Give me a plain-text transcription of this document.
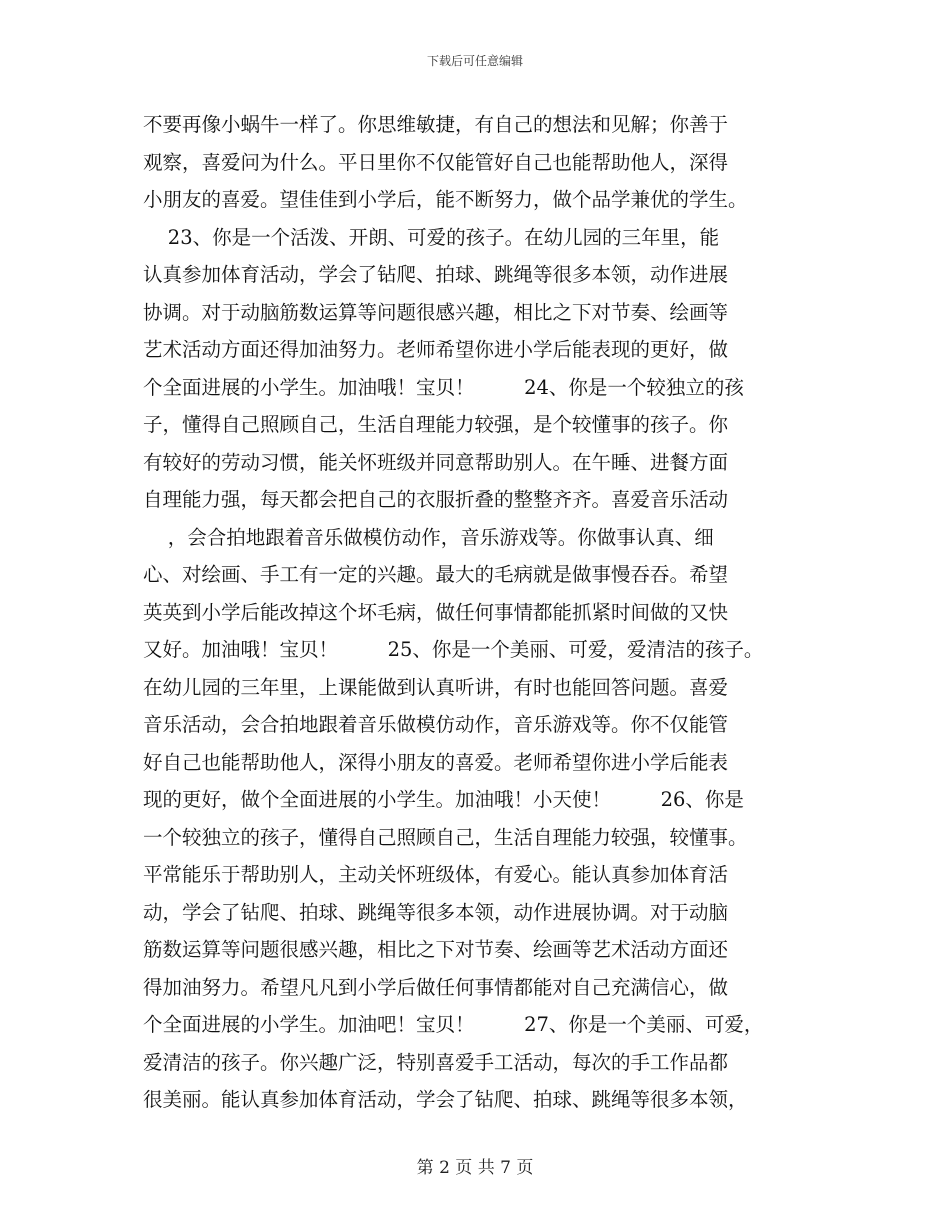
下载后可任意编辑
不要再像小蜗牛一样了。你思维敏捷，有自己的想法和见解；你善于
观察，喜爱问为什么。平日里你不仅能管好自己也能帮助他人，深得
小朋友的喜爱。望佳佳到小学后，能不断努力，做个品学兼优的学生。
23、你是一个活泼、开朗、可爱的孩子。在幼儿园的三年里，能
认真参加体育活动，学会了钻爬、拍球、跳绳等很多本领，动作进展
协调。对于动脑筋数运算等问题很感兴趣，相比之下对节奏、绘画等
艺术活动方面还得加油努力。老师希望你进小学后能表现的更好，做
个全面进展的小学生。加油哦！宝贝！        24、你是一个较独立的孩
子，懂得自己照顾自己，生活自理能力较强，是个较懂事的孩子。你
有较好的劳动习惯，能关怀班级并同意帮助别人。在午睡、进餐方面
自理能力强，每天都会把自己的衣服折叠的整整齐齐。喜爱音乐活动
，会合拍地跟着音乐做模仿动作，音乐游戏等。你做事认真、细
心、对绘画、手工有一定的兴趣。最大的毛病就是做事慢吞吞。希望
英英到小学后能改掉这个坏毛病，做任何事情都能抓紧时间做的又快
又好。加油哦！宝贝！        25、你是一个美丽、可爱，爱清洁的孩子。
在幼儿园的三年里，上课能做到认真听讲，有时也能回答问题。喜爱
音乐活动，会合拍地跟着音乐做模仿动作，音乐游戏等。你不仅能管
好自己也能帮助他人，深得小朋友的喜爱。老师希望你进小学后能表
现的更好，做个全面进展的小学生。加油哦！小天使！        26、你是
一个较独立的孩子，懂得自己照顾自己，生活自理能力较强，较懂事。
平常能乐于帮助别人，主动关怀班级体，有爱心。能认真参加体育活
动，学会了钻爬、拍球、跳绳等很多本领，动作进展协调。对于动脑
筋数运算等问题很感兴趣，相比之下对节奏、绘画等艺术活动方面还
得加油努力。希望凡凡到小学后做任何事情都能对自己充满信心，做
个全面进展的小学生。加油吧！宝贝！        27、你是一个美丽、可爱，
爱清洁的孩子。你兴趣广泛，特别喜爱手工活动，每次的手工作品都
很美丽。能认真参加体育活动，学会了钻爬、拍球、跳绳等很多本领，
第 2 页 共 7 页
